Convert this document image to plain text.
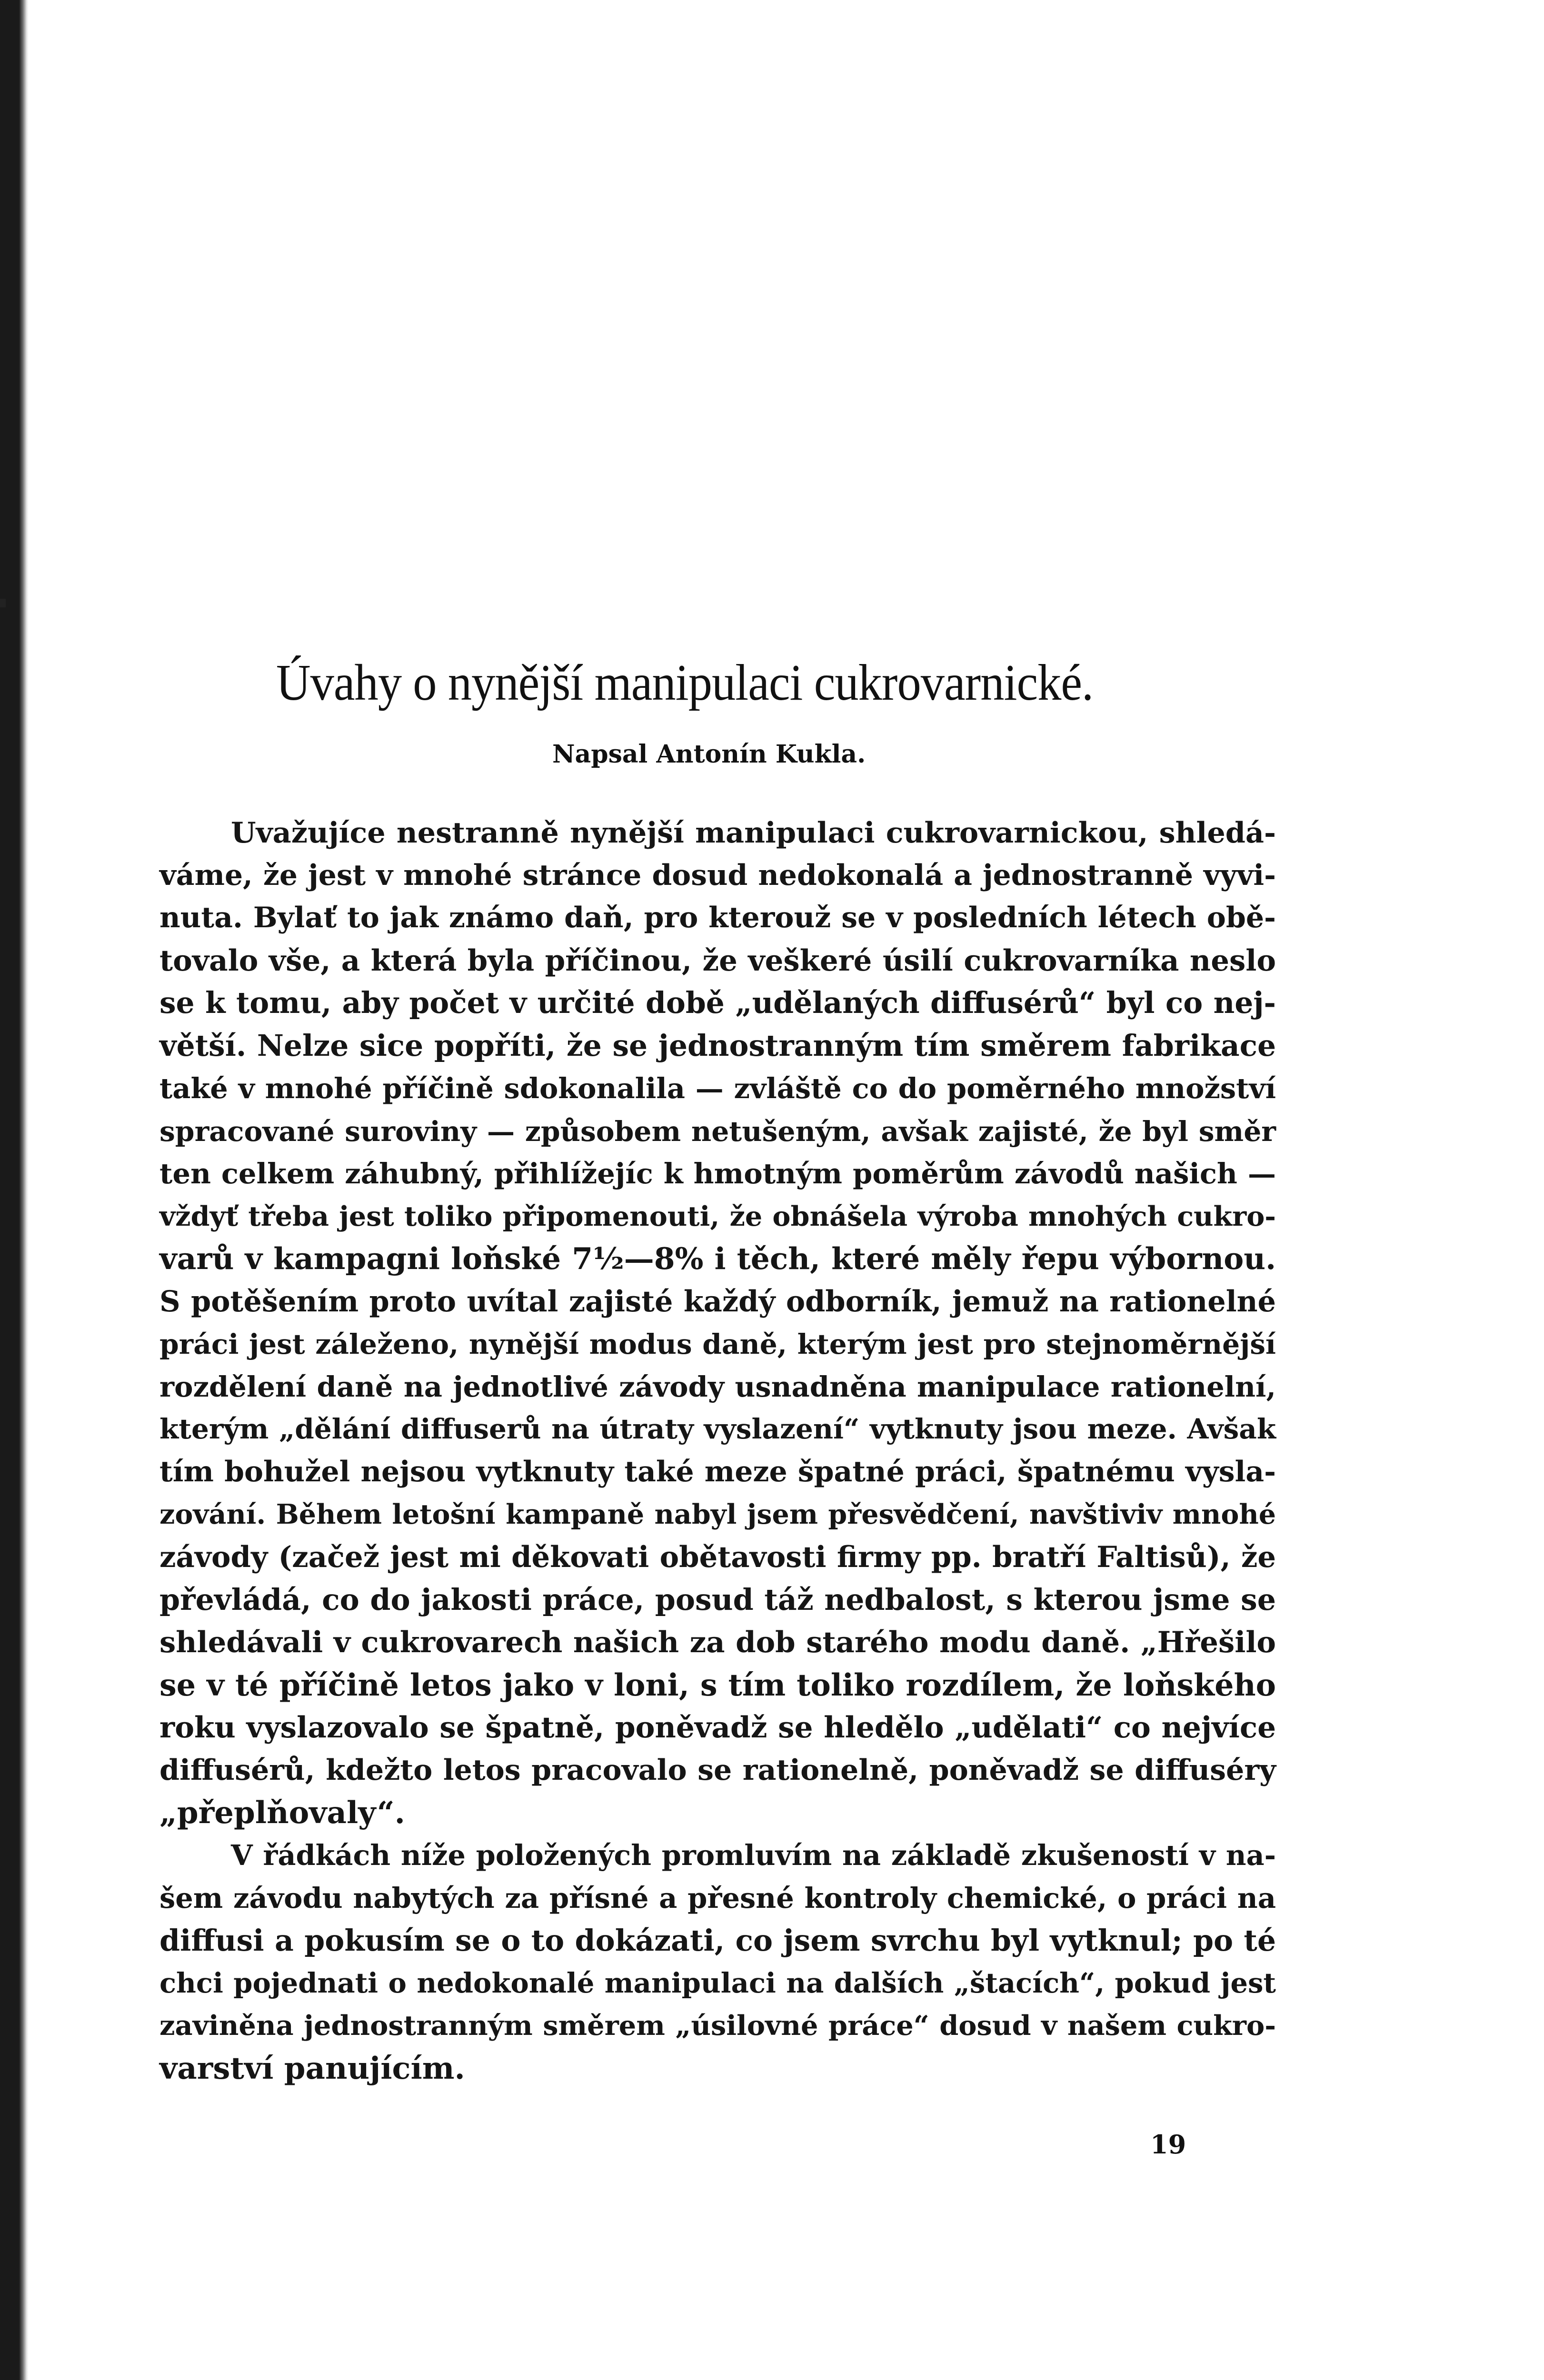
Úvahy o nynější manipulaci cukrovarnické.
Napsal Antonín Kukla.
Uvažujíce nestranně nynější manipulaci cukrovarnickou, shledá-
váme, že jest v mnohé stránce dosud nedokonalá a jednostranně vyvi-
nuta. Bylať to jak známo daň, pro kterouž se v posledních létech obě-
tovalo vše, a která byla příčinou, že veškeré úsilí cukrovarníka neslo
se k tomu, aby počet v určité době „udělaných diffusérů“ byl co nej-
větší. Nelze sice popříti, že se jednostranným tím směrem fabrikace
také v mnohé příčině sdokonalila — zvláště co do poměrného množství
spracované suroviny — způsobem netušeným, avšak zajisté, že byl směr
ten celkem záhubný, přihlížejíc k hmotným poměrům závodů našich —
vždyť třeba jest toliko připomenouti, že obnášela výroba mnohých cukro-
varů v kampagni loňské 7½—8% i těch, které měly řepu výbornou.
S potěšením proto uvítal zajisté každý odborník, jemuž na rationelné
práci jest záleženo, nynější modus daně, kterým jest pro stejnoměrnější
rozdělení daně na jednotlivé závody usnadněna manipulace rationelní,
kterým „dělání diffuserů na útraty vyslazení“ vytknuty jsou meze. Avšak
tím bohužel nejsou vytknuty také meze špatné práci, špatnému vysla-
zování. Během letošní kampaně nabyl jsem přesvědčení, navštiviv mnohé
závody (začež jest mi děkovati obětavosti firmy pp. bratří Faltisů), že
převládá, co do jakosti práce, posud táž nedbalost, s kterou jsme se
shledávali v cukrovarech našich za dob starého modu daně. „Hřešilo
se v té příčině letos jako v loni, s tím toliko rozdílem, že loňského
roku vyslazovalo se špatně, poněvadž se hledělo „udělati“ co nejvíce
diffusérů, kdežto letos pracovalo se rationelně, poněvadž se diffuséry
„přeplňovaly“.
V řádkách níže položených promluvím na základě zkušeností v na-
šem závodu nabytých za přísné a přesné kontroly chemické, o práci na
diffusi a pokusím se o to dokázati, co jsem svrchu byl vytknul; po té
chci pojednati o nedokonalé manipulaci na dalších „štacích“, pokud jest
zaviněna jednostranným směrem „úsilovné práce“ dosud v našem cukro-
varství panujícím.
19
